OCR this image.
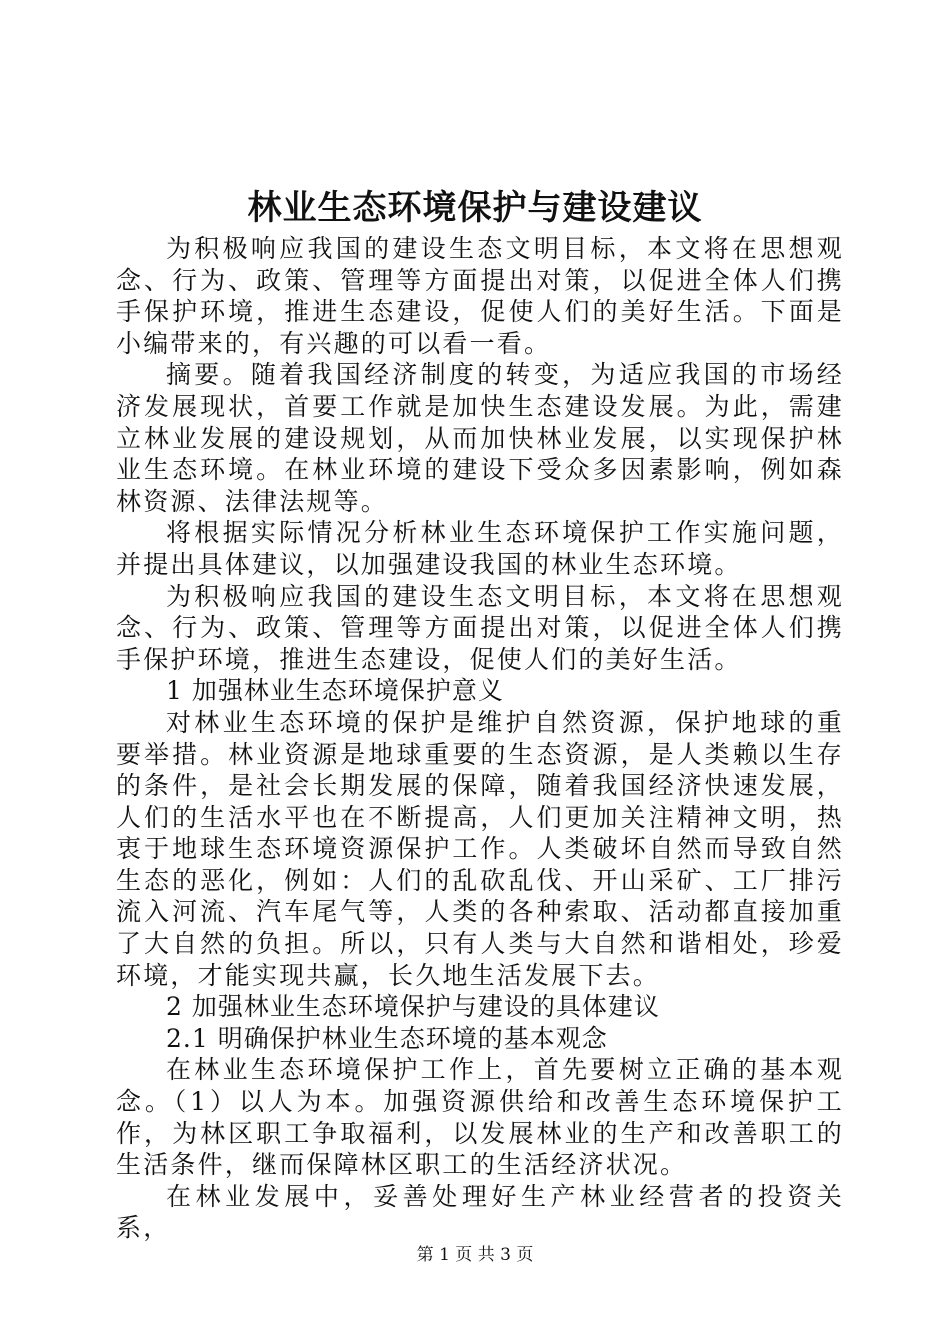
林业生态环境保护与建设建议

为积极响应我国的建设生态文明目标，本文将在思想观念、行为、政策、管理等方面提出对策，以促进全体人们携手保护环境，推进生态建设，促使人们的美好生活。下面是小编带来的，有兴趣的可以看一看。

摘要。随着我国经济制度的转变，为适应我国的市场经济发展现状，首要工作就是加快生态建设发展。为此，需建立林业发展的建设规划，从而加快林业发展，以实现保护林业生态环境。在林业环境的建设下受众多因素影响，例如森林资源、法律法规等。

将根据实际情况分析林业生态环境保护工作实施问题，并提出具体建议，以加强建设我国的林业生态环境。

为积极响应我国的建设生态文明目标，本文将在思想观念、行为、政策、管理等方面提出对策，以促进全体人们携手保护环境，推进生态建设，促使人们的美好生活。

1 加强林业生态环境保护意义

对林业生态环境的保护是维护自然资源，保护地球的重要举措。林业资源是地球重要的生态资源，是人类赖以生存的条件，是社会长期发展的保障，随着我国经济快速发展，人们的生活水平也在不断提高，人们更加关注精神文明，热衷于地球生态环境资源保护工作。人类破坏自然而导致自然生态的恶化，例如：人们的乱砍乱伐、开山采矿、工厂排污流入河流、汽车尾气等，人类的各种索取、活动都直接加重了大自然的负担。所以，只有人类与大自然和谐相处，珍爱环境，才能实现共赢，长久地生活发展下去。

2 加强林业生态环境保护与建设的具体建议

2.1 明确保护林业生态环境的基本观念

在林业生态环境保护工作上，首先要树立正确的基本观念。（1）以人为本。加强资源供给和改善生态环境保护工作，为林区职工争取福利，以发展林业的生产和改善职工的生活条件，继而保障林区职工的生活经济状况。

在林业发展中，妥善处理好生产林业经营者的投资关系，

第 1 页 共 3 页
